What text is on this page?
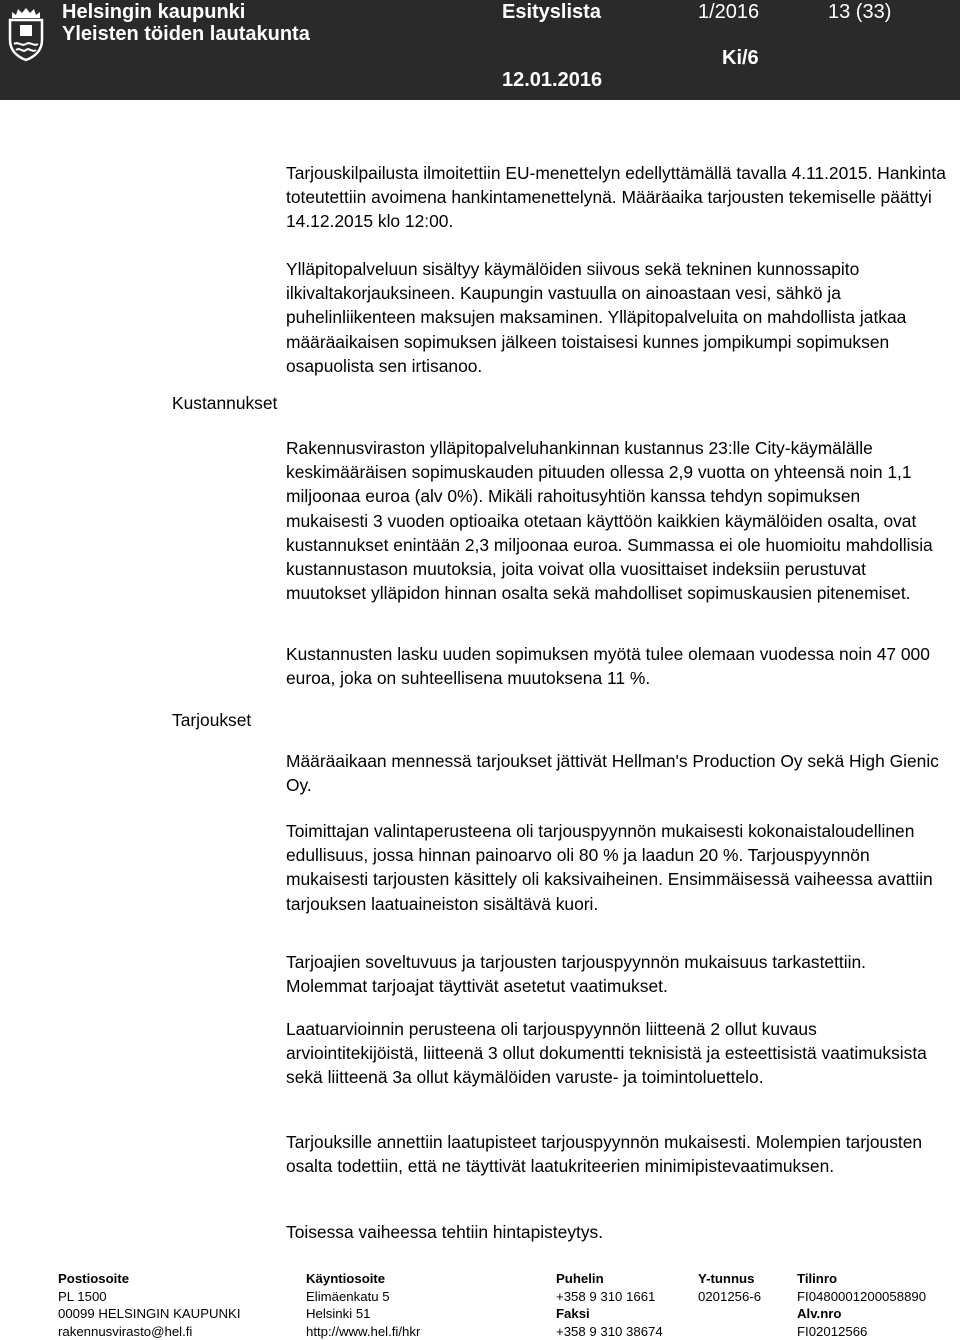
Helsingin kaupunki
Yleisten töiden lautakunta
Esityslista	1/2016	13 (33)
Ki/6
12.01.2016
Kustannukset
Tarjoukset

Tarjouskilpailusta ilmoitettiin EU-menettelyn edellyttämällä tavalla 4.11.2015. Hankinta toteutettiin avoimena hankintamenettelynä. Määräaika tarjousten tekemiselle päättyi 14.12.2015 klo 12:00.

Ylläpitopalveluun sisältyy käymälöiden siivous sekä tekninen kunnossapito ilkivaltakorjauksineen. Kaupungin vastuulla on ainoastaan vesi, sähkö ja puhelinliikenteen maksujen maksaminen. Ylläpitopalveluita on mahdollista jatkaa määräaikaisen sopimuksen jälkeen toistaisesi kunnes jompikumpi sopimuksen osapuolista sen irtisanoo.

Rakennusviraston ylläpitopalveluhankinnan kustannus 23:lle City-käymälälle keskimääräisen sopimuskauden pituuden ollessa 2,9 vuotta on yhteensä noin 1,1 miljoonaa euroa (alv 0%). Mikäli rahoitusyhtiön kanssa tehdyn sopimuksen mukaisesti 3 vuoden optioaika otetaan käyttöön kaikkien käymälöiden osalta, ovat kustannukset enintään 2,3 miljoonaa euroa. Summassa ei ole huomioitu mahdollisia kustannustason muutoksia, joita voivat olla vuosittaiset indeksiin perustuvat muutokset ylläpidon hinnan osalta sekä mahdolliset sopimuskausien pitenemiset.

Kustannusten lasku uuden sopimuksen myötä tulee olemaan vuodessa noin 47 000 euroa, joka on suhteellisena muutoksena 11 %.

Määräaikaan mennessä tarjoukset jättivät Hellman's Production Oy sekä High Gienic Oy.

Toimittajan valintaperusteena oli tarjouspyynnön mukaisesti kokonaistaloudellinen edullisuus, jossa hinnan painoarvo oli 80 % ja laadun 20 %. Tarjouspyynnön mukaisesti tarjousten käsittely oli kaksivaiheinen. Ensimmäisessä vaiheessa avattiin tarjouksen laatuaineiston sisältävä kuori.

Tarjoajien soveltuvuus ja tarjousten tarjouspyynnön mukaisuus tarkastettiin. Molemmat tarjoajat täyttivät asetetut vaatimukset.

Laatuarvioinnin perusteena oli tarjouspyynnön liitteenä 2 ollut kuvaus arviointitekijöistä, liitteenä 3 ollut dokumentti teknisistä ja esteettisistä vaatimuksista sekä liitteenä 3a ollut käymälöiden varuste- ja toimintoluettelo.

Tarjouksille annettiin laatupisteet tarjouspyynnön mukaisesti. Molempien tarjousten osalta todettiin, että ne täyttivät laatukriteerien minimipistevaatimuksen.

Toisessa vaiheessa tehtiin hintapisteytys.

Postiosoite
PL 1500
00099 HELSINGIN KAUPUNKI
rakennusvirasto@hel.fi
Käyntiosoite
Elimäenkatu 5
Helsinki 51
http://www.hel.fi/hkr
Puhelin
+358 9 310 1661
Faksi
+358 9 310 38674
Y-tunnus
0201256-6
Tilinro
FI0480001200058890
Alv.nro
FI02012566
